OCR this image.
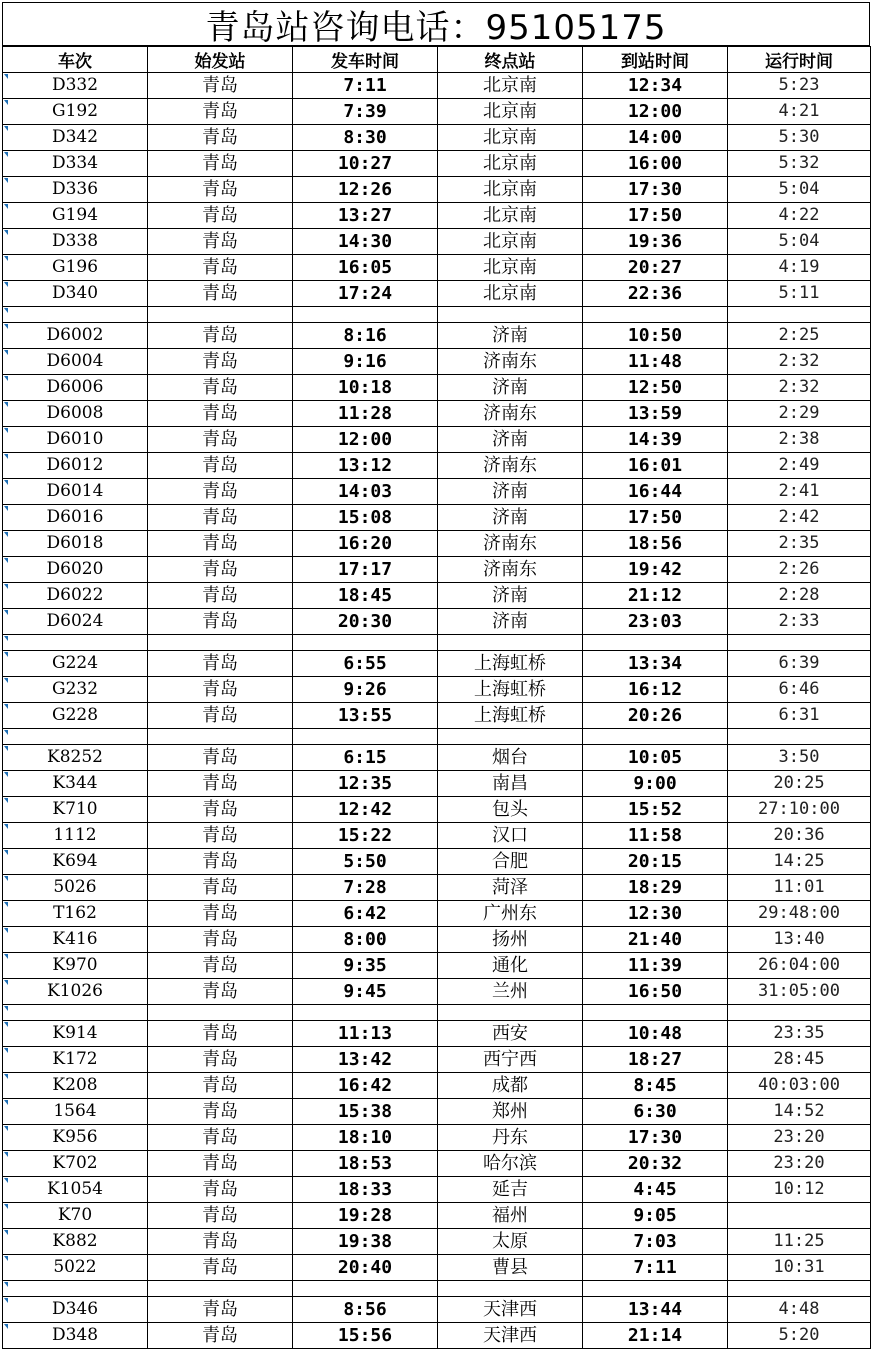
青岛站咨询电话：95105175
车次	始发站	发车时间	终点站	到站时间	运行时间
D332	青岛	7:11	北京南	12:34	5:23
G192	青岛	7:39	北京南	12:00	4:21
D342	青岛	8:30	北京南	14:00	5:30
D334	青岛	10:27	北京南	16:00	5:32
D336	青岛	12:26	北京南	17:30	5:04
G194	青岛	13:27	北京南	17:50	4:22
D338	青岛	14:30	北京南	19:36	5:04
G196	青岛	16:05	北京南	20:27	4:19
D340	青岛	17:24	北京南	22:36	5:11

D6002	青岛	8:16	济南	10:50	2:25
D6004	青岛	9:16	济南东	11:48	2:32
D6006	青岛	10:18	济南	12:50	2:32
D6008	青岛	11:28	济南东	13:59	2:29
D6010	青岛	12:00	济南	14:39	2:38
D6012	青岛	13:12	济南东	16:01	2:49
D6014	青岛	14:03	济南	16:44	2:41
D6016	青岛	15:08	济南	17:50	2:42
D6018	青岛	16:20	济南东	18:56	2:35
D6020	青岛	17:17	济南东	19:42	2:26
D6022	青岛	18:45	济南	21:12	2:28
D6024	青岛	20:30	济南	23:03	2:33

G224	青岛	6:55	上海虹桥	13:34	6:39
G232	青岛	9:26	上海虹桥	16:12	6:46
G228	青岛	13:55	上海虹桥	20:26	6:31

K8252	青岛	6:15	烟台	10:05	3:50
K344	青岛	12:35	南昌	9:00	20:25
K710	青岛	12:42	包头	15:52	27:10:00
1112	青岛	15:22	汉口	11:58	20:36
K694	青岛	5:50	合肥	20:15	14:25
5026	青岛	7:28	菏泽	18:29	11:01
T162	青岛	6:42	广州东	12:30	29:48:00
K416	青岛	8:00	扬州	21:40	13:40
K970	青岛	9:35	通化	11:39	26:04:00
K1026	青岛	9:45	兰州	16:50	31:05:00

K914	青岛	11:13	西安	10:48	23:35
K172	青岛	13:42	西宁西	18:27	28:45
K208	青岛	16:42	成都	8:45	40:03:00
1564	青岛	15:38	郑州	6:30	14:52
K956	青岛	18:10	丹东	17:30	23:20
K702	青岛	18:53	哈尔滨	20:32	23:20
K1054	青岛	18:33	延吉	4:45	10:12
K70	青岛	19:28	福州	9:05	
K882	青岛	19:38	太原	7:03	11:25
5022	青岛	20:40	曹县	7:11	10:31

D346	青岛	8:56	天津西	13:44	4:48
D348	青岛	15:56	天津西	21:14	5:20
